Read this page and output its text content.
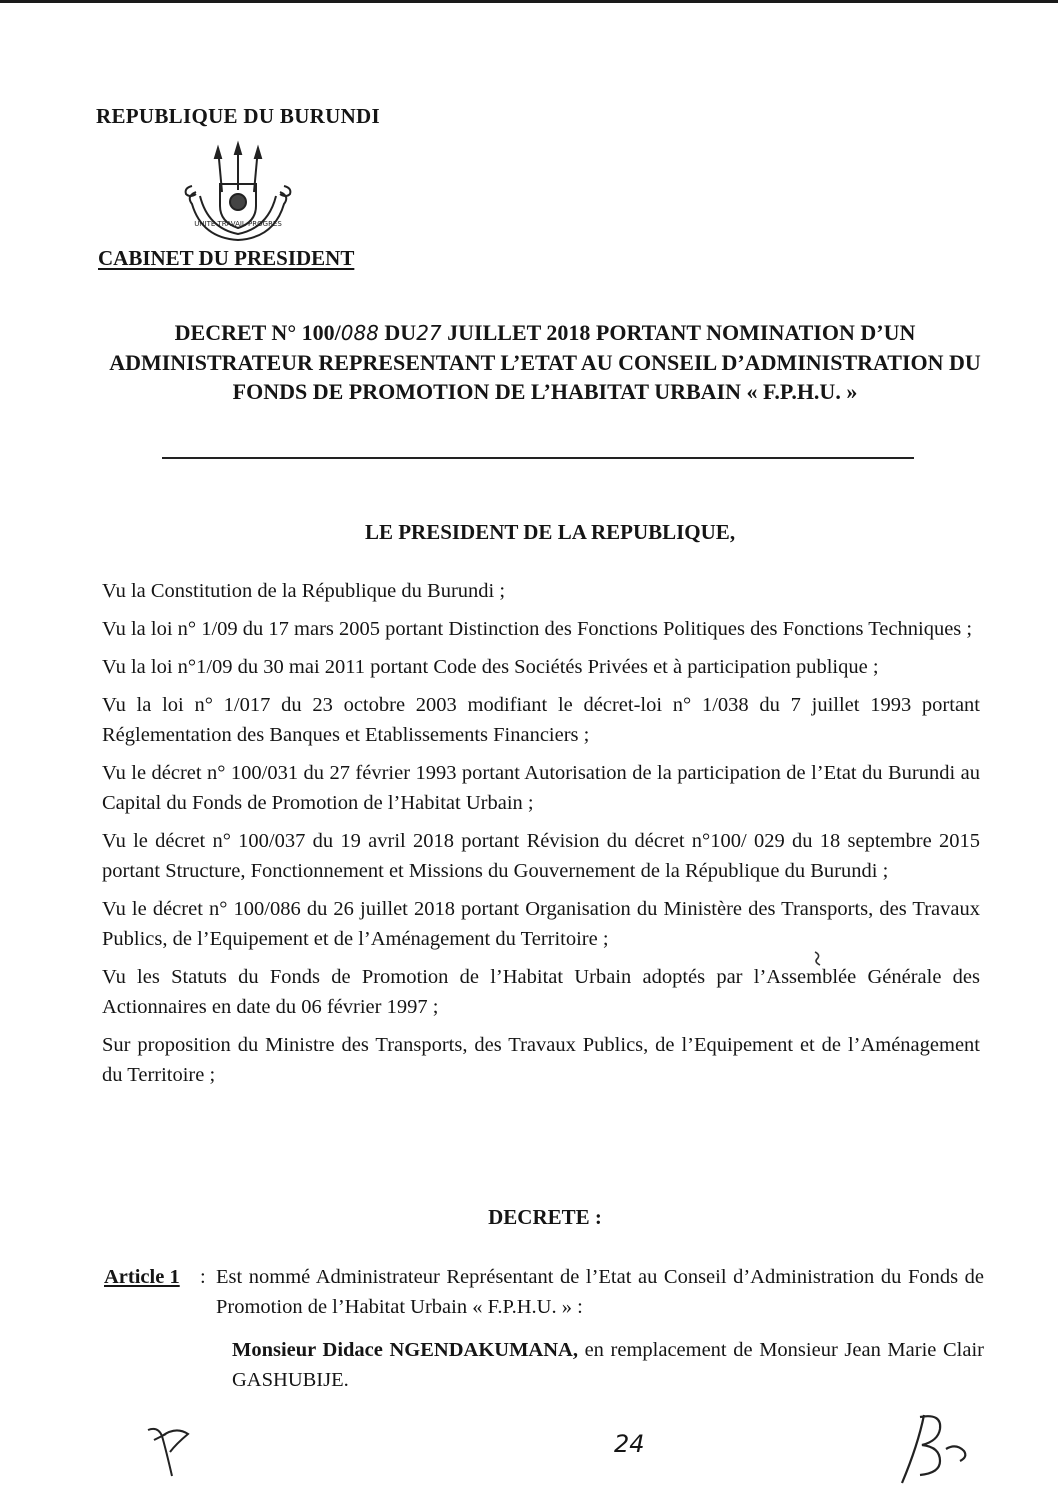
REPUBLIQUE DU BURUNDI
UNITE TRAVAIL PROGRES
CABINET DU PRESIDENT
DECRET N° 100/088 DU27 JUILLET 2018 PORTANT NOMINATION D’UN ADMINISTRATEUR REPRESENTANT L’ETAT AU CONSEIL D’ADMINISTRATION DU FONDS DE PROMOTION DE L’HABITAT URBAIN « F.P.H.U. »
LE PRESIDENT DE LA REPUBLIQUE,

Vu la Constitution de la République du Burundi ;

Vu la loi n° 1/09 du 17 mars 2005 portant Distinction des Fonctions Politiques des Fonctions Techniques ;

Vu la loi n°1/09 du 30 mai 2011 portant Code des Sociétés Privées et à participation publique ;

Vu la loi n° 1/017 du 23 octobre 2003 modifiant le décret-loi n° 1/038 du 7 juillet 1993 portant Réglementation des Banques et Etablissements Financiers ;

Vu le décret n° 100/031 du 27 février 1993 portant Autorisation de la participation de l’Etat du Burundi au Capital du Fonds de Promotion de l’Habitat Urbain ;

Vu le décret n° 100/037 du 19 avril 2018 portant Révision du décret n°100/ 029 du 18 septembre 2015 portant Structure, Fonctionnement et Missions du Gouvernement de la République du Burundi ;

Vu le décret n° 100/086 du 26 juillet 2018 portant Organisation du Ministère des Transports, des Travaux Publics, de l’Equipement et de l’Aménagement du Territoire ;

Vu les Statuts du Fonds de Promotion de l’Habitat Urbain adoptés par l’Assemblée Générale des Actionnaires en date du 06 février 1997 ;

Sur proposition du Ministre des Transports, des Travaux Publics, de l’Equipement et de l’Aménagement du Territoire ;

DECRETE :
Article 1 : Est nommé Administrateur Représentant de l’Etat au Conseil d’Administration du Fonds de Promotion de l’Habitat Urbain « F.P.H.U. » :
Monsieur Didace NGENDAKUMANA, en remplacement de Monsieur Jean Marie Clair GASHUBIJE.
24
